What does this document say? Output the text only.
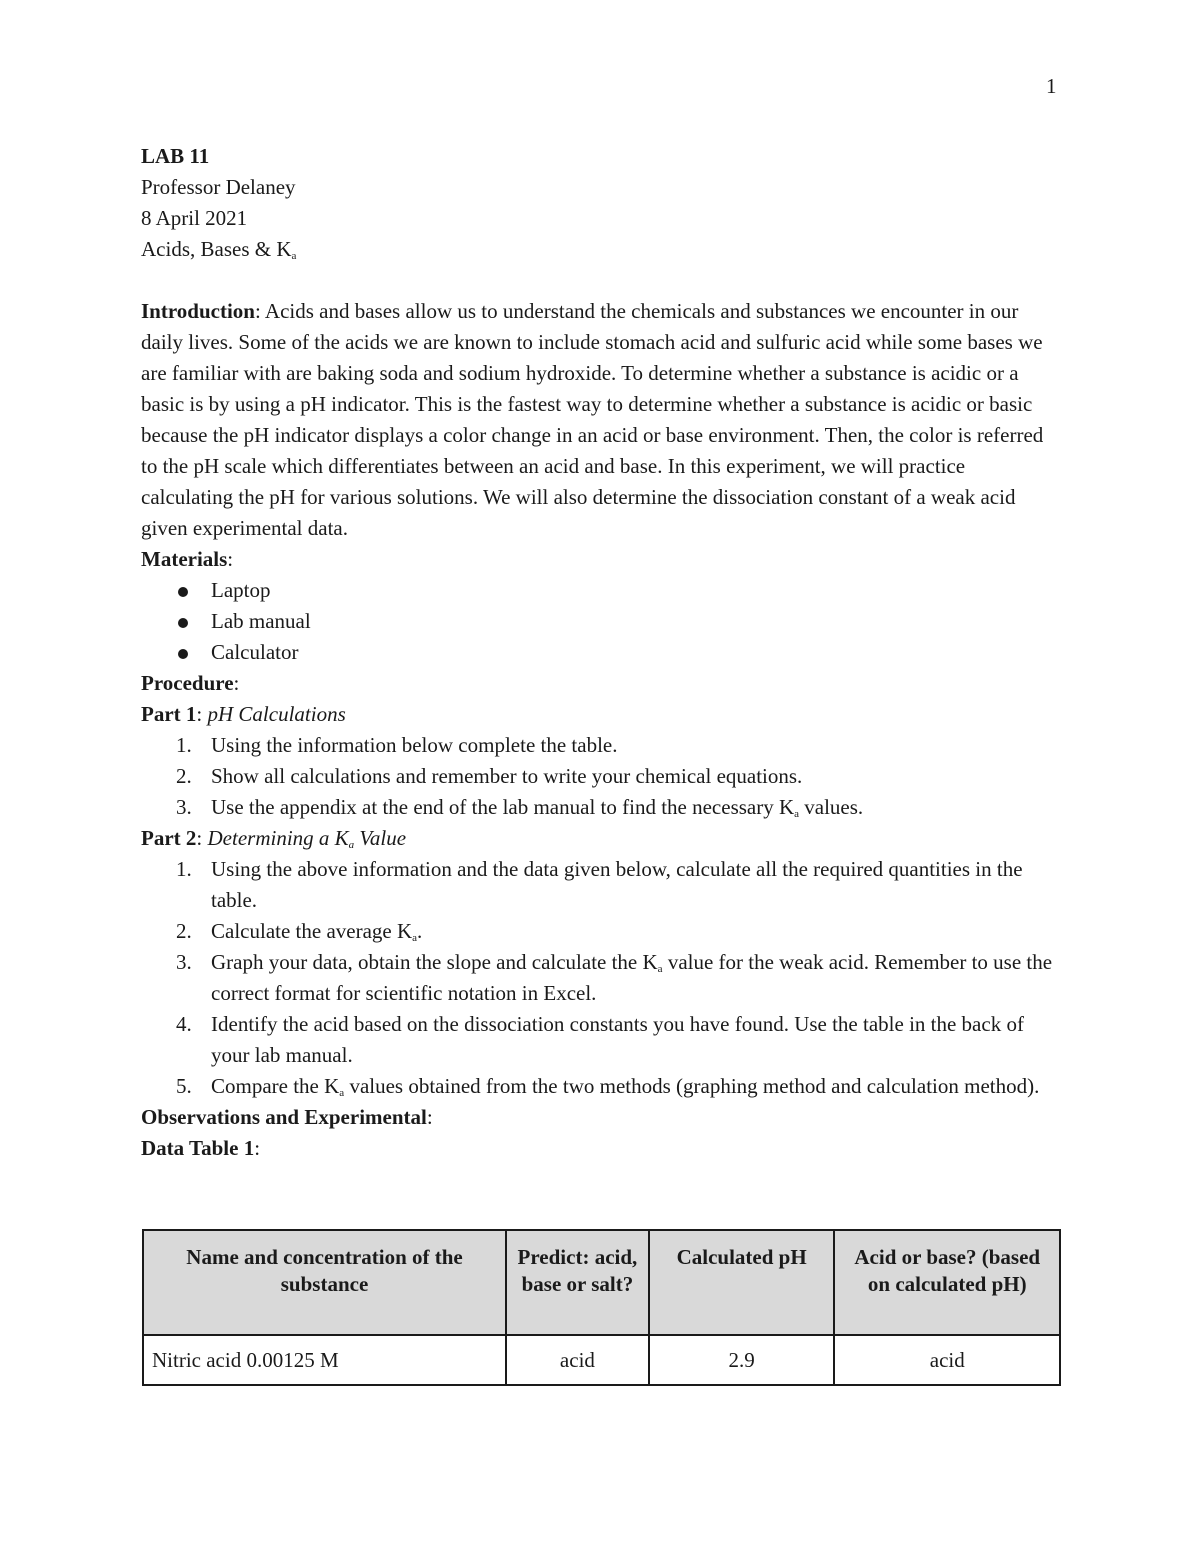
1

LAB 11

Professor Delaney

8 April 2021

Acids, Bases & $K_a$

Introduction: Acids and bases allow us to understand the chemicals and substances we encounter in our daily lives. Some of the acids we are known to include stomach acid and sulfuric acid while some bases we are familiar with are baking soda and sodium hydroxide. To determine whether a substance is acidic or a basic is by using a pH indicator. This is the fastest way to determine whether a substance is acidic or basic because the pH indicator displays a color change in an acid or base environment. Then, the color is referred to the pH scale which differentiates between an acid and base. In this experiment, we will practice calculating the pH for various solutions. We will also determine the dissociation constant of a weak acid given experimental data.

Materials:

Laptop
Lab manual
Calculator

Procedure:

Part 1: pH Calculations

1. Using the information below complete the table.
2. Show all calculations and remember to write your chemical equations.
3. Use the appendix at the end of the lab manual to find the necessary $K_a$ values.

Part 2: Determining a $K_a$ Value

1. Using the above information and the data given below, calculate all the required quantities in the table.
2. Calculate the average $K_a$.
3. Graph your data, obtain the slope and calculate the $K_a$ value for the weak acid. Remember to use the correct format for scientific notation in Excel.
4. Identify the acid based on the dissociation constants you have found. Use the table in the back of your lab manual.
5. Compare the $K_a$ values obtained from the two methods (graphing method and calculation method).

Observations and Experimental:

Data Table 1:

Name and concentration of the substance	Predict: acid, base or salt?	Calculated pH	Acid or base? (based on calculated pH)
Nitric acid 0.00125 M	acid	2.9	acid
